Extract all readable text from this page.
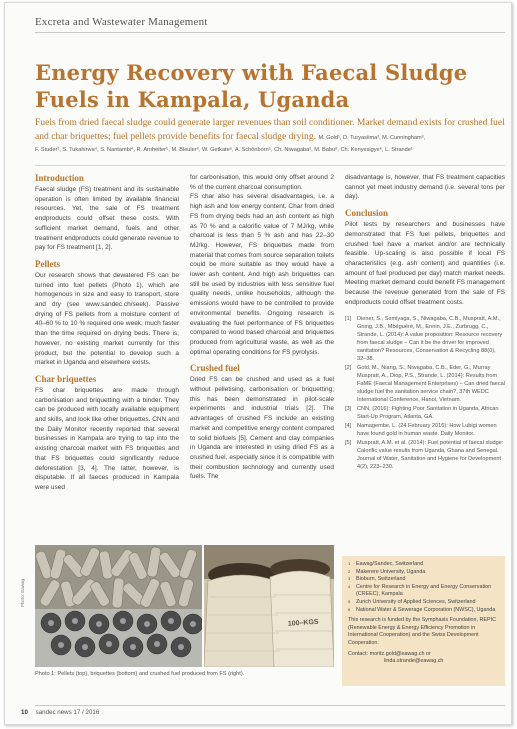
Excreta and Wastewater Management
Energy Recovery with Faecal Sludge Fuels in Kampala, Uganda
Fuels from dried faecal sludge could generate larger revenues than soil conditioner. Market demand exists for crushed fuel and char briquettes; fuel pellets provide benefits for faecal sludge drying. M. Gold¹, D. Turyasiima², M. Cunningham³,
F. Studer³, S. Tukahirwa⁴, S. Nantambi⁴, R. Arnheiter⁵, M. Bleuler⁶, W. Getkate⁶, A. Schönborn⁵, Ch. Niwagaba², M. Babu⁶, Ch. Kenyesigye⁶, L. Strande¹
Introduction

Faecal sludge (FS) treatment and its sustainable operation is often limited by available financial resources. Yet, the sale of FS treatment endproducts could offset these costs. With sufficient market demand, fuels and other treatment endproducts could generate revenue to pay for FS treatment [1, 2].

Pellets

Our research shows that dewatered FS can be turned into fuel pellets (Photo 1), which are homogenous in size and easy to transport, store and dry (see www.sandec.ch/seek). Passive drying of FS pellets from a moisture content of 40–60 % to 10 % required one week, much faster than the time required on drying beds. There is, however, no existing market currently for this product, but the potential to develop such a market in Uganda and elsewhere exists.

Char briquettes

FS char briquettes are made through carbonisation and briquetting with a binder. They can be produced with locally available equipment and skills, and look like other briquettes. CNN and the Daily Monitor recently reported that several businesses in Kampala are trying to tap into the existing charcoal market with FS briquettes and that FS briquettes could significantly reduce deforestation [3, 4]. The latter, however, is disputable. If all faeces produced in Kampala were used

for carbonisation, this would only offset around 2 % of the current charcoal consumption.

FS char also has several disadvantages, i.e. a high ash and low energy content. Char from dried FS from drying beds had an ash content as high as 70 % and a calorific value of 7 MJ/kg, while charcoal is less than 5 % ash and has 22–30 MJ/kg. However, FS briquettes made from material that comes from source separation toilets could be more suitable as they would have a lower ash content. And high ash briquettes can still be used by industries with less sensitive fuel quality needs, unlike households, although the emissions would have to be controlled to provide environmental benefits. Ongoing research is evaluating the fuel performance of FS briquettes compared to wood based charcoal and briquettes produced from agricultural waste, as well as the optimal operating conditions for FS pyrolysis.

Crushed fuel

Dried FS can be crushed and used as a fuel without pelletising, carbonisation or briquetting; this has been demonstrated in pilot-scale experiments and industrial trials [2]. The advantages of crushed FS include an existing market and competitive energy content compared to solid biofuels [5]. Cement and clay companies in Uganda are interested in using dried FS as a crushed fuel, especially since it is compatible with their combustion technology and currently used fuels. The

disadvantage is, however, that FS treatment capacities cannot yet meet industry demand (i.e. several tons per day).

Conclusion

Pilot tests by researchers and businesses have demonstrated that FS fuel pellets, briquettes and crushed fuel have a market and/or are technically feasible. Up-scaling is also possible if local FS characteristics (e.g. ash content) and quantities (i.e. amount of fuel produced per day) match market needs. Meeting market demand could benefit FS management because the revenue generated from the sale of FS endproducts could offset treatment costs.

[1] Diener, S., Semiyaga, S., Niwagaba, C.B., Muspratt, A.M., Gning, J.B., Mbéguéré, M., Ennin, J.E., Zurbrugg, C., Strande, L. (2014): A value proposition: Resource recovery from faecal sludge – Can it be the driver for improved sanitation? Resources, Conservation & Recycling 88(0), 32–38.
[2] Gold, M., Niang, S., Niwagaba, C.B., Eder, G., Murray Muspratt, A., Diop, P.S., Strande, L. (2014): Results from FaME (Faecal Management Enterprises) – Can dried faecal sludge fuel the sanitation service chain?, 37th WEDC International Conference, Hanoi, Vietnam.
[3] CNN, (2016): Fighting Poor Sanitation in Uganda, African Start-Up Program, Atlanta, GA.
[4] Namagembe, L. (24 February 2016): How Lubigi women have found gold in human waste. Daily Monitor.
[5] Muspratt, A.M. et al. (2014): Fuel potential of faecal sludge: Calorific value results from Uganda, Ghana and Senegal. Journal of Water, Sanitation and Hygiene for Development 4(2), 223–230.
Photo: Eawag
100–KGS
Photo 1: Pellets (top), briquettes (bottom) and crushed fuel produced from FS (right).
1 Eawag/Sandec, Switzerland
2 Makerere University, Uganda
3 Bioburn, Switzerland
4 Centre for Research in Energy and Energy Conservation (CREEC), Kampala
5 Zurich University of Applied Sciences, Switzerland
6 National Water & Sewerage Corporation (NWSC), Uganda

This research is funded by the Symphasis Foundation, REPIC (Renewable Energy & Energy Efficiency Promotion in International Cooperation) and the Swiss Development Cooperation.

Contact: moritz.gold@eawag.ch or

linda.strande@eawag.ch

10 sandec news 17 / 2016
